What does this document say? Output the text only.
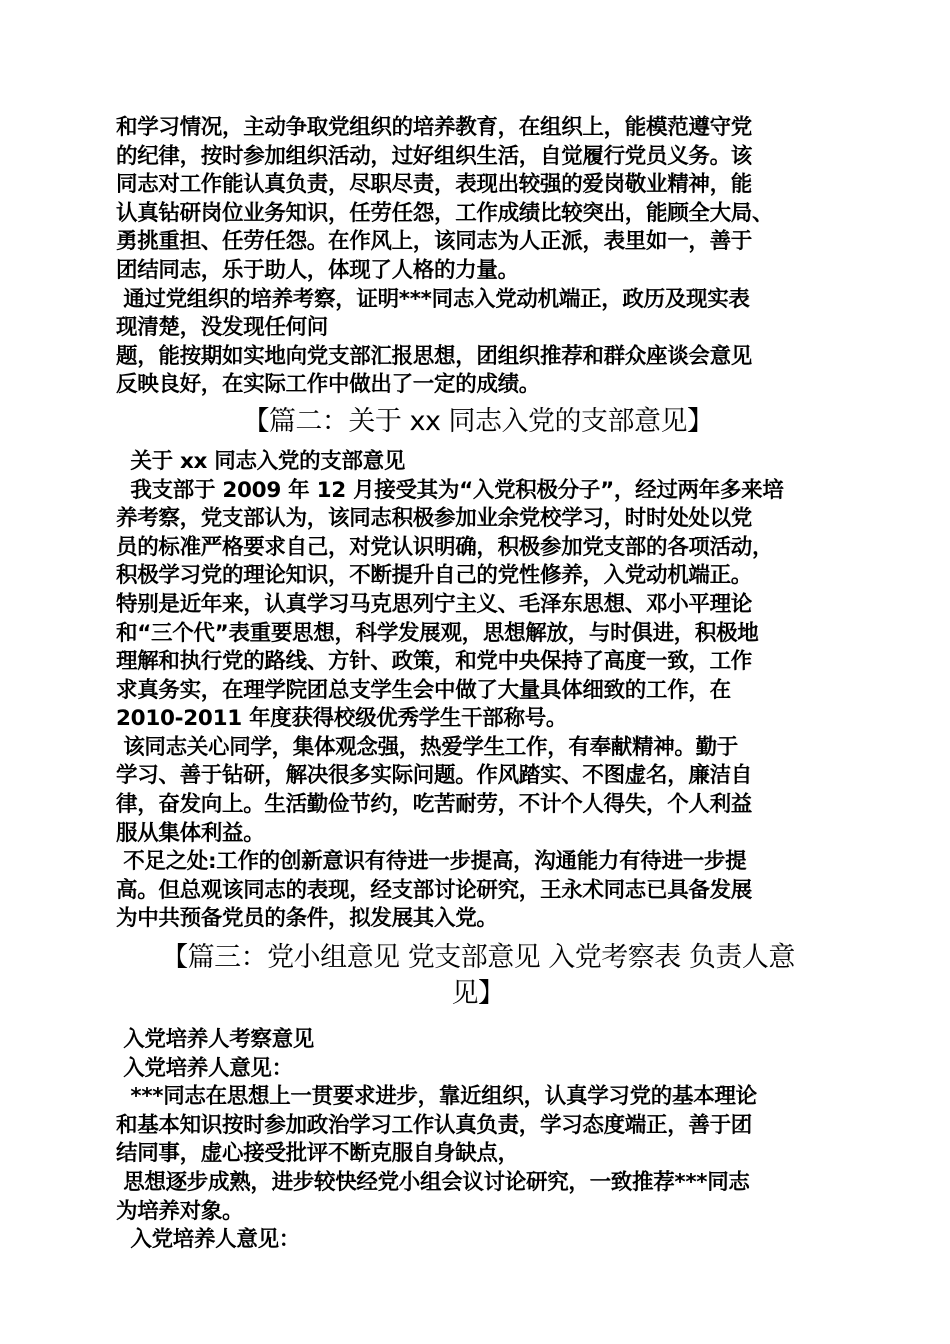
和学习情况，主动争取党组织的培养教育，在组织上，能模范遵守党

的纪律，按时参加组织活动，过好组织生活，自觉履行党员义务。该

同志对工作能认真负责，尽职尽责，表现出较强的爱岗敬业精神，能

认真钻研岗位业务知识，任劳任怨，工作成绩比较突出，能顾全大局、

勇挑重担、任劳任怨。在作风上，该同志为人正派，表里如一，善于

团结同志，乐于助人，体现了人格的力量。

通过党组织的培养考察，证明***同志入党动机端正，政历及现实表

现清楚，没发现任何问

题，能按期如实地向党支部汇报思想，团组织推荐和群众座谈会意见

反映良好，在实际工作中做出了一定的成绩。

【篇二：关于 xx 同志入党的支部意见】

关于 xx 同志入党的支部意见

我支部于 2009 年 12 月接受其为“入党积极分子”，经过两年多来培

养考察，党支部认为，该同志积极参加业余党校学习，时时处处以党

员的标准严格要求自己，对党认识明确，积极参加党支部的各项活动，

积极学习党的理论知识，不断提升自己的党性修养，入党动机端正。

特别是近年来，认真学习马克思列宁主义、毛泽东思想、邓小平理论

和“三个代”表重要思想，科学发展观，思想解放，与时俱进，积极地

理解和执行党的路线、方针、政策，和党中央保持了高度一致，工作

求真务实，在理学院团总支学生会中做了大量具体细致的工作，在

2010-2011 年度获得校级优秀学生干部称号。

该同志关心同学，集体观念强，热爱学生工作，有奉献精神。勤于

学习、善于钻研，解决很多实际问题。作风踏实、不图虚名，廉洁自

律，奋发向上。生活勤俭节约，吃苦耐劳，不计个人得失，个人利益

服从集体利益。

不足之处:工作的创新意识有待进一步提高，沟通能力有待进一步提

高。但总观该同志的表现，经支部讨论研究，王永术同志已具备发展

为中共预备党员的条件，拟发展其入党。

【篇三：党小组意见 党支部意见 入党考察表 负责人意
见】

入党培养人考察意见

入党培养人意见：

***同志在思想上一贯要求进步，靠近组织，认真学习党的基本理论

和基本知识按时参加政治学习工作认真负责，学习态度端正，善于团

结同事，虚心接受批评不断克服自身缺点，

思想逐步成熟，进步较快经党小组会议讨论研究，一致推荐***同志

为培养对象。

入党培养人意见：
